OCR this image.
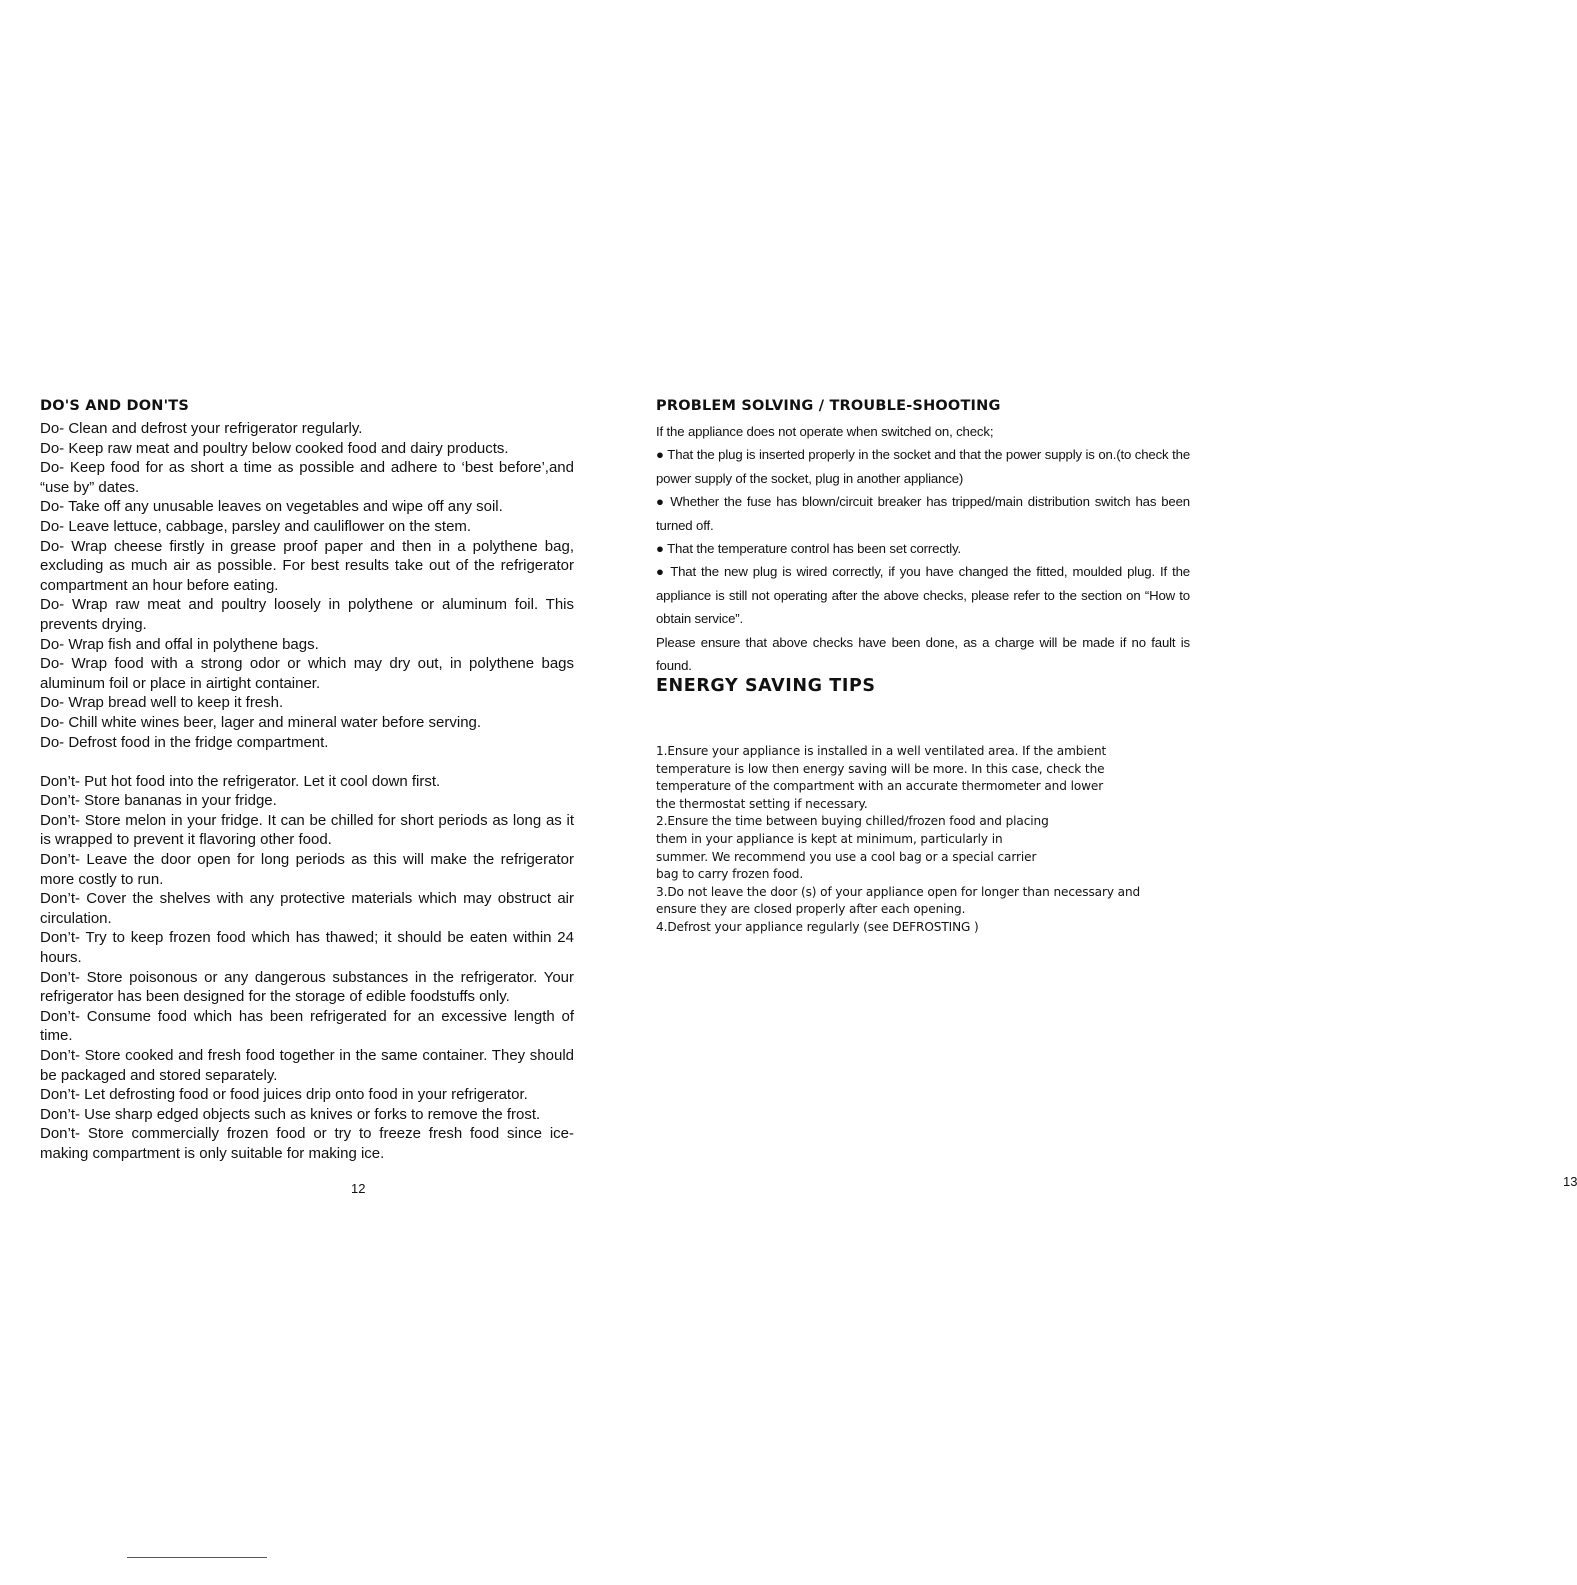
DO'S AND DON'TS

Do- Clean and defrost your refrigerator regularly.

Do- Keep raw meat and poultry below cooked food and dairy products.

Do- Keep food for as short a time as possible and adhere to ‘best before’,and “use by” dates.

Do- Take off any unusable leaves on vegetables and wipe off any soil.

Do- Leave lettuce, cabbage, parsley and cauliflower on the stem.

Do- Wrap cheese firstly in grease proof paper and then in a polythene bag, excluding as much air as possible. For best results take out of the refrigerator compartment an hour before eating.

Do- Wrap raw meat and poultry loosely in polythene or aluminum foil. This prevents drying.

Do- Wrap fish and offal in polythene bags.

Do- Wrap food with a strong odor or which may dry out, in polythene bags aluminum foil or place in airtight container.

Do- Wrap bread well to keep it fresh.

Do- Chill white wines beer, lager and mineral water before serving.

Do- Defrost food in the fridge compartment.

Don’t- Put hot food into the refrigerator. Let it cool down first.

Don’t- Store bananas in your fridge.

Don’t- Store melon in your fridge. It can be chilled for short periods as long as it is wrapped to prevent it flavoring other food.

Don’t- Leave the door open for long periods as this will make the refrigerator more costly to run.

Don’t- Cover the shelves with any protective materials which may obstruct air circulation.

Don’t- Try to keep frozen food which has thawed; it should be eaten within 24 hours.

Don’t- Store poisonous or any dangerous substances in the refrigerator. Your refrigerator has been designed for the storage of edible foodstuffs only.

Don’t- Consume food which has been refrigerated for an excessive length of time.

Don’t- Store cooked and fresh food together in the same container. They should be packaged and stored separately.

Don’t- Let defrosting food or food juices drip onto food in your refrigerator.

Don’t- Use sharp edged objects such as knives or forks to remove the frost.

Don’t- Store commercially frozen food or try to freeze fresh food since ice-making compartment is only suitable for making ice.

12
PROBLEM SOLVING / TROUBLE-SHOOTING

If the appliance does not operate when switched on, check;

● That the plug is inserted properly in the socket and that the power supply is on.(to check the power supply of the socket, plug in another appliance)

● Whether the fuse has blown/circuit breaker has tripped/main distribution switch has been turned off.

● That the temperature control has been set correctly.

● That the new plug is wired correctly, if you have changed the fitted, moulded plug. If the appliance is still not operating after the above checks, please refer to the section on “How to obtain service”.

Please ensure that above checks have been done, as a charge will be made if no fault is found.

ENERGY SAVING TIPS

1.Ensure your appliance is installed in a well ventilated area. If the ambient

temperature is low then energy saving will be more. In this case, check the

temperature of the compartment with an accurate thermometer and lower

the thermostat setting if necessary.

2.Ensure the time between buying chilled/frozen food and placing

them in your appliance is kept at minimum, particularly in

summer. We recommend you use a cool bag or a special carrier

bag to carry frozen food.

3.Do not leave the door (s) of your appliance open for longer than necessary and

ensure they are closed properly after each opening.

4.Defrost your appliance regularly (see DEFROSTING )

13
